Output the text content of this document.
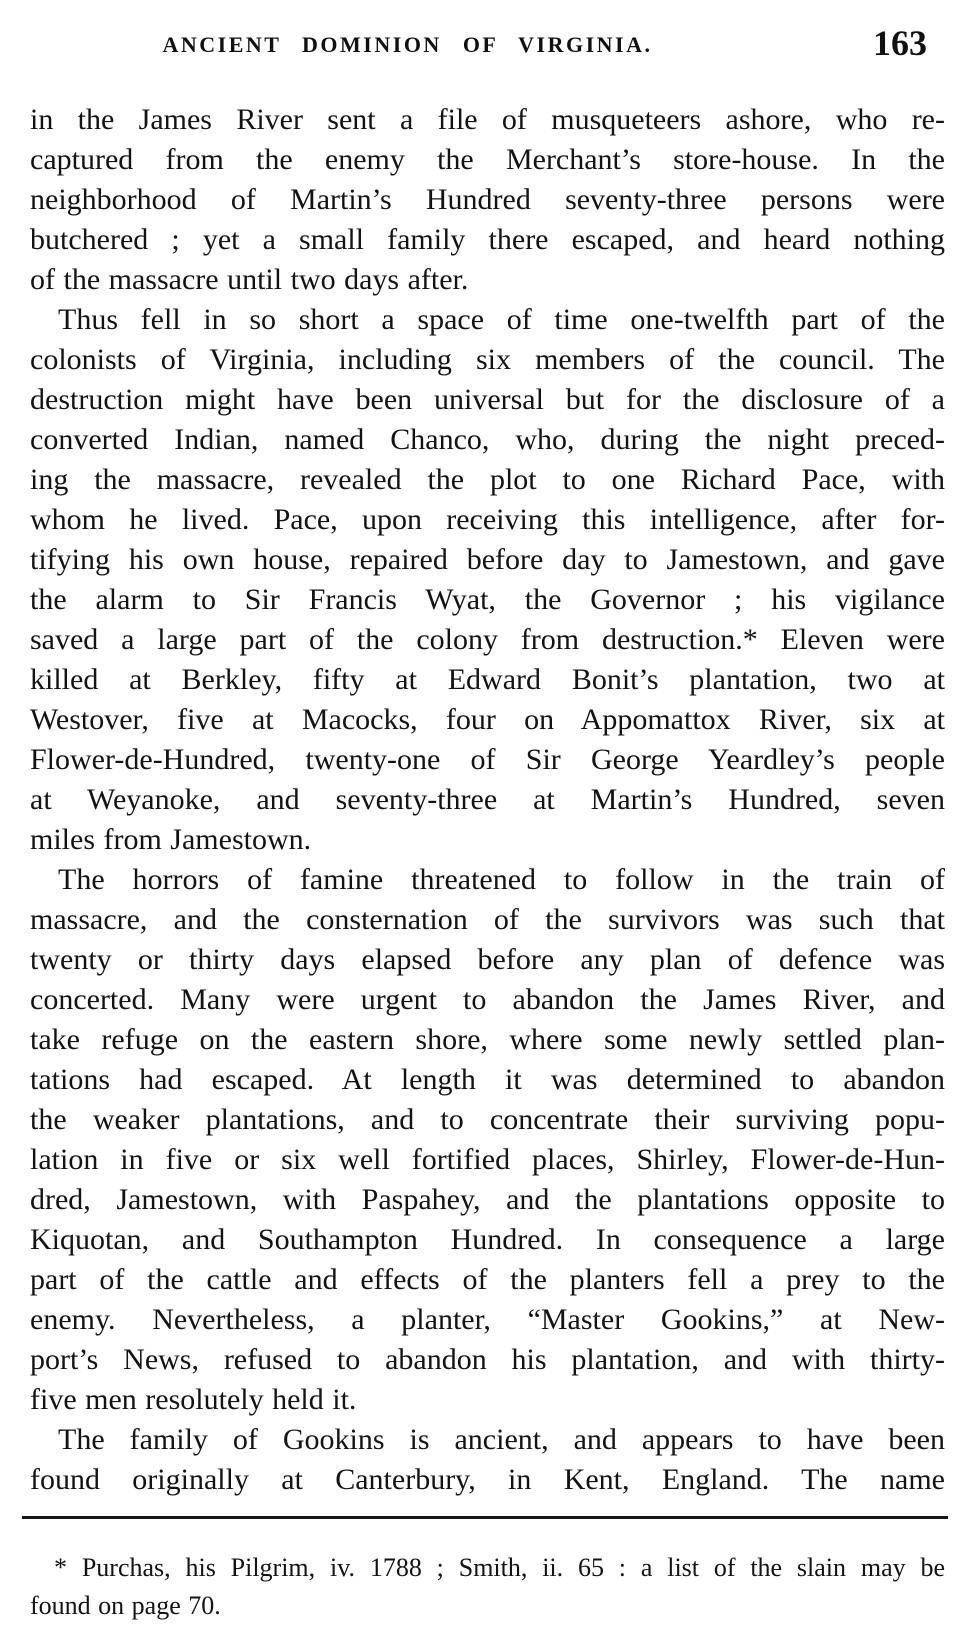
ANCIENT DOMINION OF VIRGINIA.	163
in the James River sent a file of musqueteers ashore, who re-
captured from the enemy the Merchant’s store-house. In the
neighborhood of Martin’s Hundred seventy-three persons were
butchered ; yet a small family there escaped, and heard nothing
of the massacre until two days after.
Thus fell in so short a space of time one-twelfth part of the
colonists of Virginia, including six members of the council. The
destruction might have been universal but for the disclosure of a
converted Indian, named Chanco, who, during the night preced-
ing the massacre, revealed the plot to one Richard Pace, with
whom he lived. Pace, upon receiving this intelligence, after for-
tifying his own house, repaired before day to Jamestown, and gave
the alarm to Sir Francis Wyat, the Governor ; his vigilance
saved a large part of the colony from destruction.* Eleven were
killed at Berkley, fifty at Edward Bonit’s plantation, two at
Westover, five at Macocks, four on Appomattox River, six at
Flower-de-Hundred, twenty-one of Sir George Yeardley’s people
at Weyanoke, and seventy-three at Martin’s Hundred, seven
miles from Jamestown.
The horrors of famine threatened to follow in the train of
massacre, and the consternation of the survivors was such that
twenty or thirty days elapsed before any plan of defence was
concerted. Many were urgent to abandon the James River, and
take refuge on the eastern shore, where some newly settled plan-
tations had escaped. At length it was determined to abandon
the weaker plantations, and to concentrate their surviving popu-
lation in five or six well fortified places, Shirley, Flower-de-Hun-
dred, Jamestown, with Paspahey, and the plantations opposite to
Kiquotan, and Southampton Hundred. In consequence a large
part of the cattle and effects of the planters fell a prey to the
enemy. Nevertheless, a planter, “Master Gookins,” at New-
port’s News, refused to abandon his plantation, and with thirty-
five men resolutely held it.
The family of Gookins is ancient, and appears to have been
found originally at Canterbury, in Kent, England. The name
* Purchas, his Pilgrim, iv. 1788 ; Smith, ii. 65 : a list of the slain may be
found on page 70.
